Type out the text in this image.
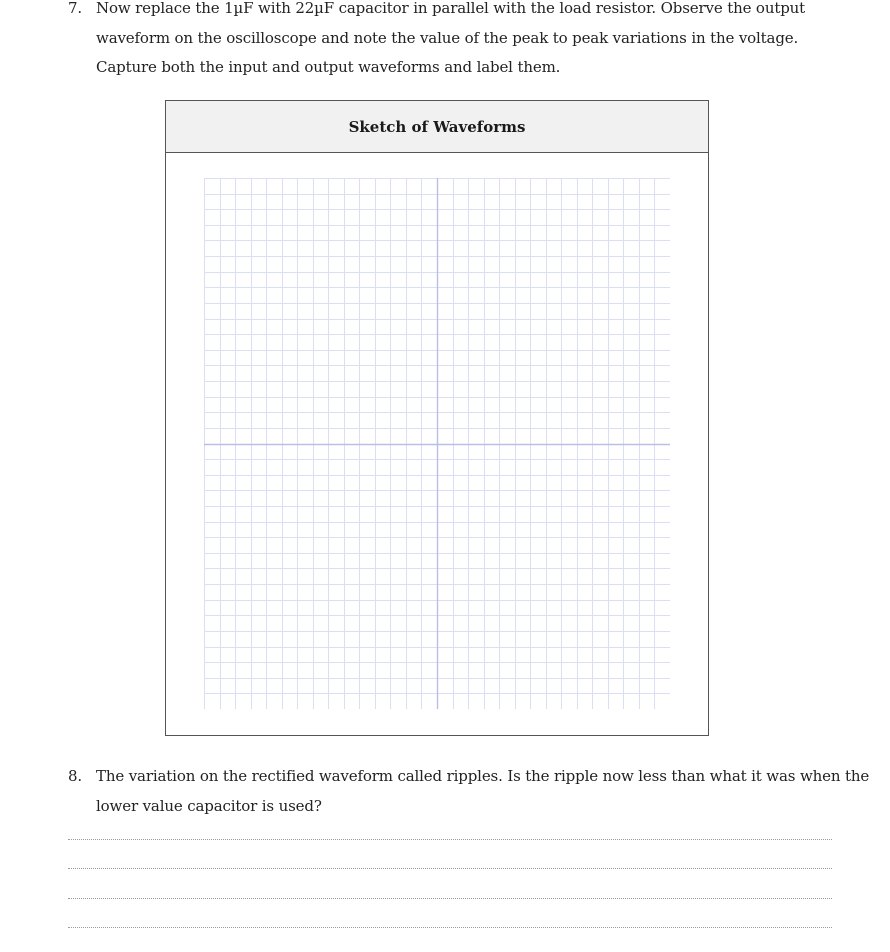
7. Now replace the 1µF with 22µF capacitor in parallel with the load resistor. Observe the output
waveform on the oscilloscope and note the value of the peak to peak variations in the voltage.
Capture both the input and output waveforms and label them.
Sketch of Waveforms
8. The variation on the rectified waveform called ripples. Is the ripple now less than what it was when the
lower value capacitor is used?
